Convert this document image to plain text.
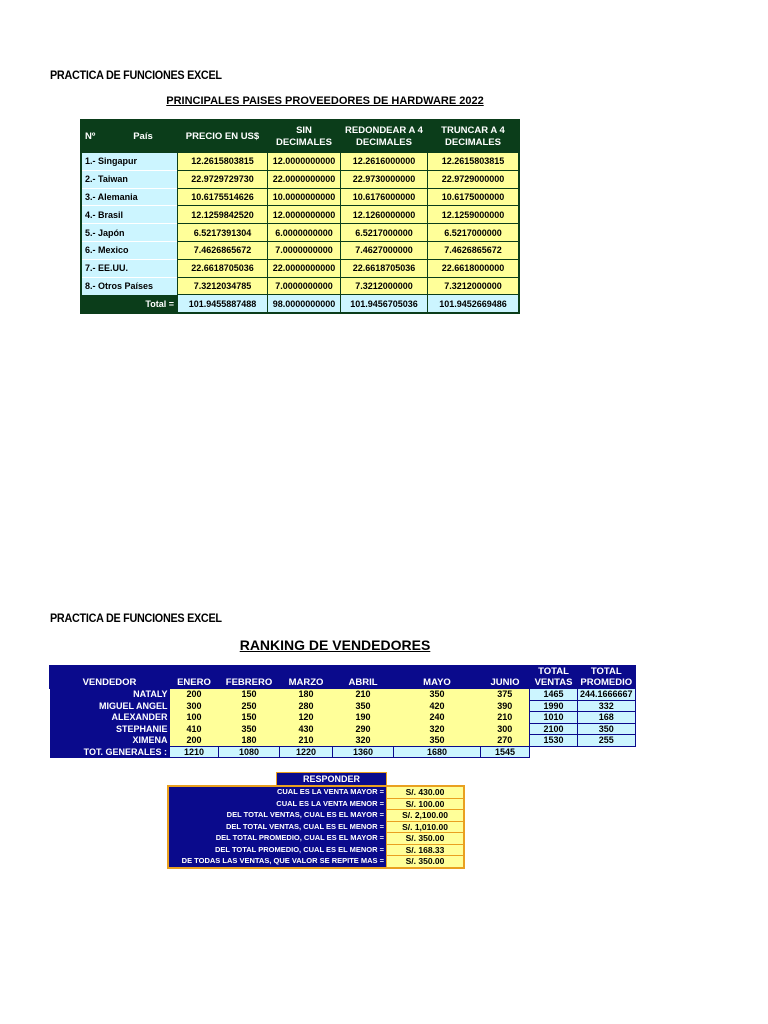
PRACTICA DE FUNCIONES EXCEL
PRINCIPALES PAISES PROVEEDORES DE HARDWARE 2022
Nº	País	PRECIO EN US$	SIN DECIMALES	REDONDEAR A 4 DECIMALES	TRUNCAR A 4 DECIMALES
1.- Singapur		12.2615803815	12.0000000000	12.2616000000	12.2615803815
2.- Taiwan		22.9729729730	22.0000000000	22.9730000000	22.9729000000
3.- Alemania		10.6175514626	10.0000000000	10.6176000000	10.6175000000
4.- Brasil		12.1259842520	12.0000000000	12.1260000000	12.1259000000
5.- Japón		6.5217391304	6.0000000000	6.5217000000	6.5217000000
6.- Mexico		7.4626865672	7.0000000000	7.4627000000	7.4626865672
7.- EE.UU.		22.6618705036	22.0000000000	22.6618705036	22.6618000000
8.- Otros Países		7.3212034785	7.0000000000	7.3212000000	7.3212000000
Total =		101.9455887488	98.0000000000	101.9456705036	101.9452669486
PRACTICA DE FUNCIONES EXCEL
RANKING DE VENDEDORES
VENDEDOR	ENERO	FEBRERO	MARZO	ABRIL	MAYO	JUNIO	TOTAL VENTAS	TOTAL PROMEDIO
NATALY	200	150	180	210	350	375	1465	244.1666667
MIGUEL ANGEL	300	250	280	350	420	390	1990	332
ALEXANDER	100	150	120	190	240	210	1010	168
STEPHANIE	410	350	430	290	320	300	2100	350
XIMENA	200	180	210	320	350	270	1530	255
TOT. GENERALES :	1210	1080	1220	1360	1680	1545		
RESPONDER
CUAL ES LA VENTA MAYOR =	S/. 430.00
CUAL ES LA VENTA MENOR =	S/. 100.00
DEL TOTAL VENTAS, CUAL ES EL MAYOR =	S/. 2,100.00
DEL TOTAL VENTAS, CUAL ES EL MENOR =	S/. 1,010.00
DEL TOTAL PROMEDIO, CUAL ES EL MAYOR =	S/. 350.00
DEL TOTAL PROMEDIO, CUAL ES EL MENOR =	S/. 168.33
DE TODAS LAS VENTAS, QUE VALOR SE REPITE MAS =	S/. 350.00
